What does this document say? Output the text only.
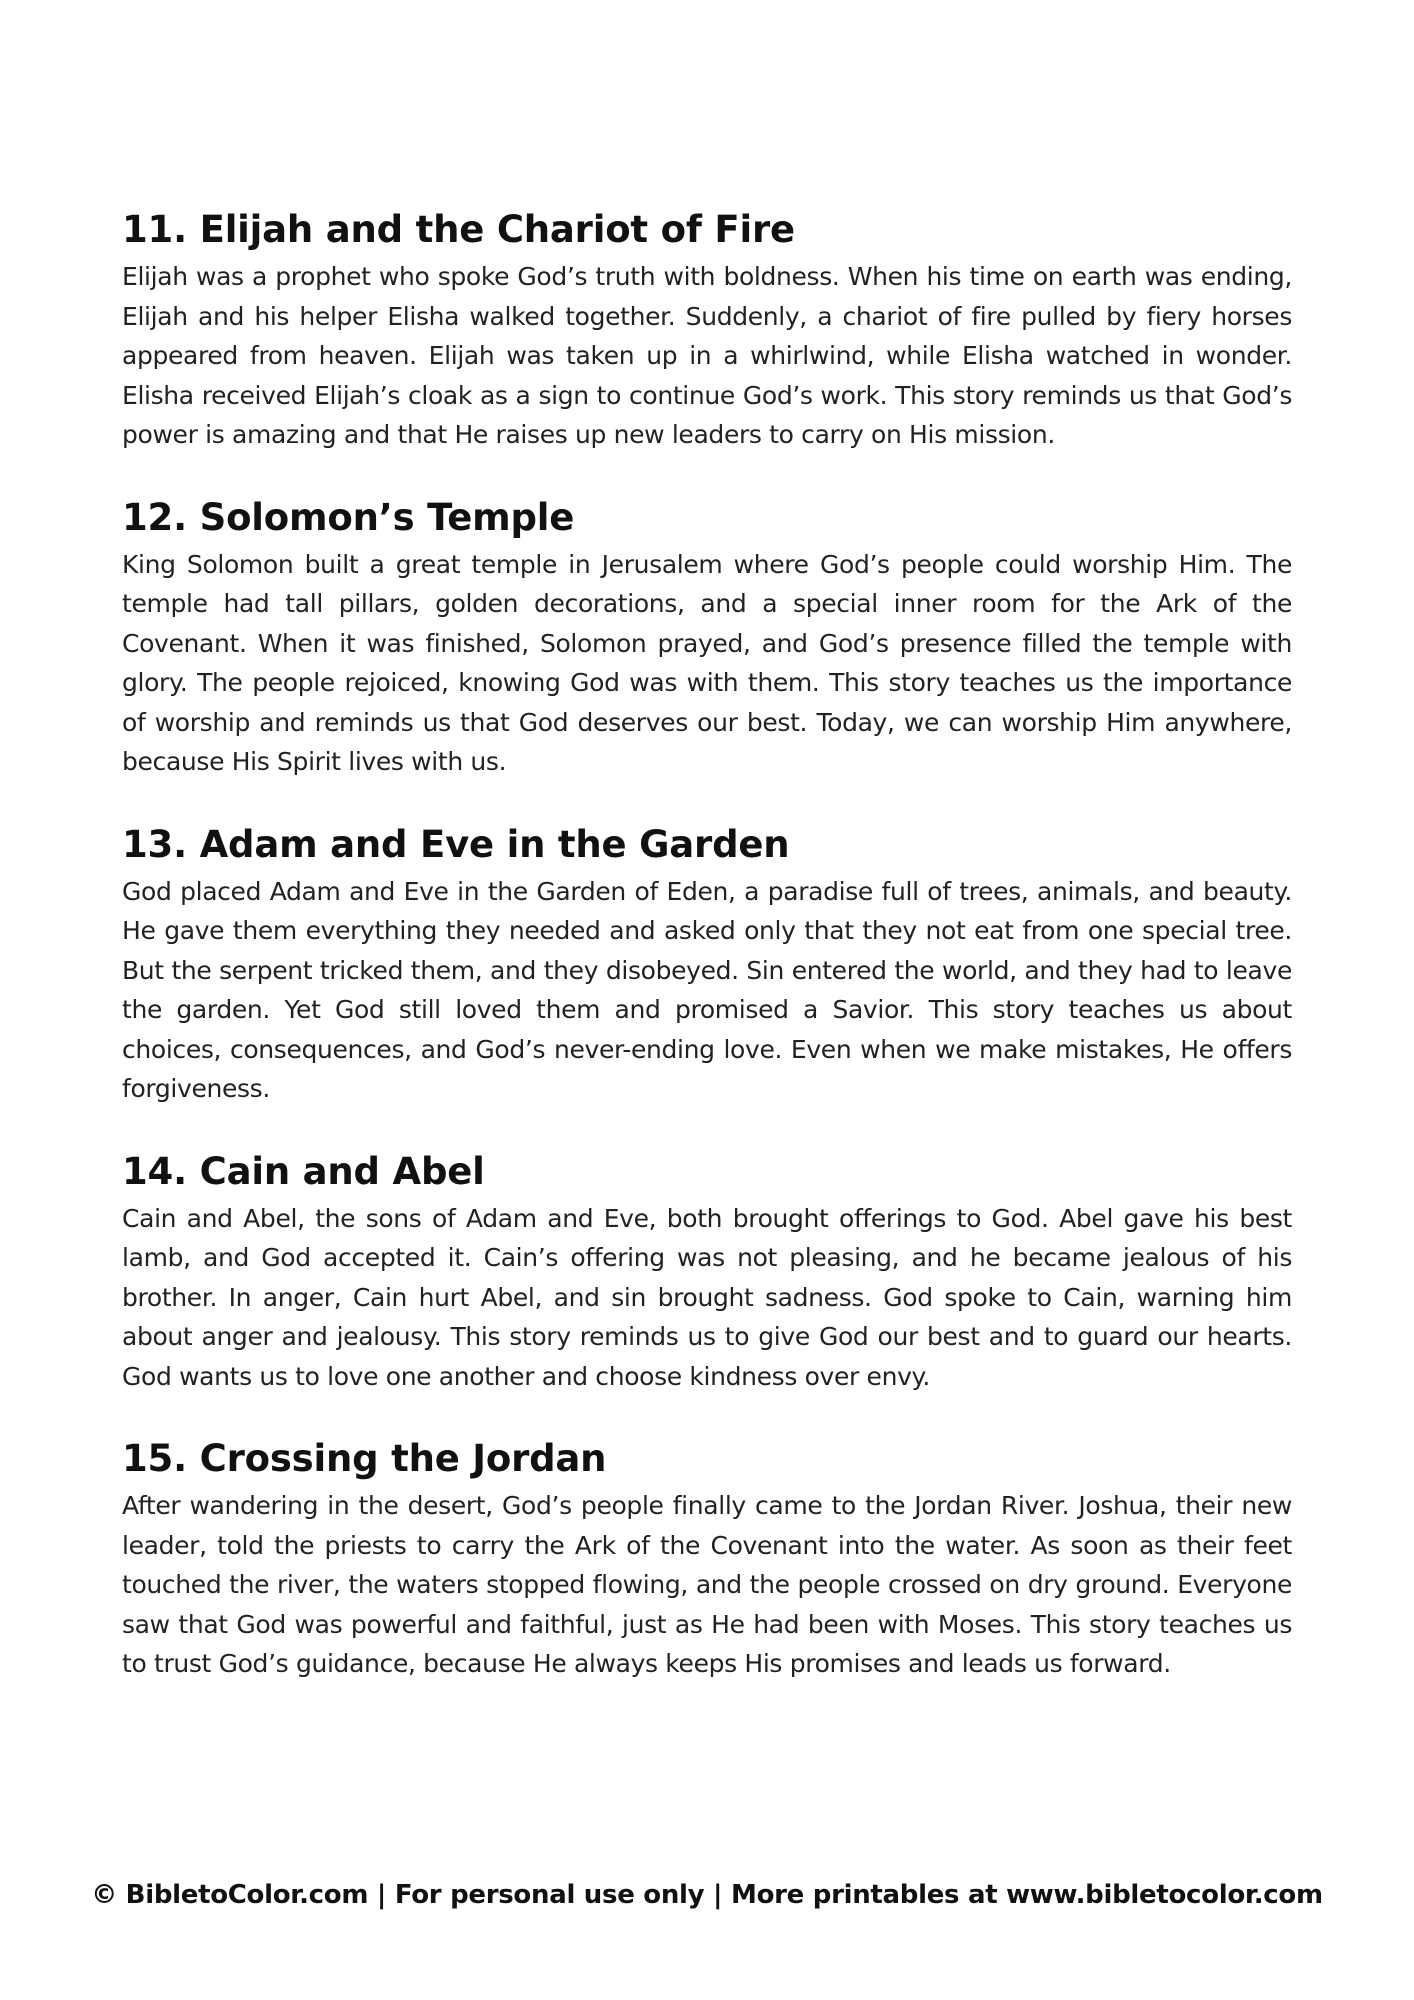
11. Elijah and the Chariot of Fire

Elijah was a prophet who spoke God’s truth with boldness. When his time on earth was ending, Elijah and his helper Elisha walked together. Suddenly, a chariot of fire pulled by fiery horses appeared from heaven. Elijah was taken up in a whirlwind, while Elisha watched in wonder. Elisha received Elijah’s cloak as a sign to continue God’s work. This story reminds us that God’s power is amazing and that He raises up new leaders to carry on His mission.

12. Solomon’s Temple

King Solomon built a great temple in Jerusalem where God’s people could worship Him. The temple had tall pillars, golden decorations, and a special inner room for the Ark of the Covenant. When it was finished, Solomon prayed, and God’s presence filled the temple with glory. The people rejoiced, knowing God was with them. This story teaches us the importance of worship and reminds us that God deserves our best. Today, we can worship Him anywhere, because His Spirit lives with us.

13. Adam and Eve in the Garden

God placed Adam and Eve in the Garden of Eden, a paradise full of trees, animals, and beauty. He gave them everything they needed and asked only that they not eat from one special tree. But the serpent tricked them, and they disobeyed. Sin entered the world, and they had to leave the garden. Yet God still loved them and promised a Savior. This story teaches us about choices, consequences, and God’s never-ending love. Even when we make mistakes, He offers forgiveness.

14. Cain and Abel

Cain and Abel, the sons of Adam and Eve, both brought offerings to God. Abel gave his best lamb, and God accepted it. Cain’s offering was not pleasing, and he became jealous of his brother. In anger, Cain hurt Abel, and sin brought sadness. God spoke to Cain, warning him about anger and jealousy. This story reminds us to give God our best and to guard our hearts. God wants us to love one another and choose kindness over envy.

15. Crossing the Jordan

After wandering in the desert, God’s people finally came to the Jordan River. Joshua, their new leader, told the priests to carry the Ark of the Covenant into the water. As soon as their feet touched the river, the waters stopped flowing, and the people crossed on dry ground. Everyone saw that God was powerful and faithful, just as He had been with Moses. This story teaches us to trust God’s guidance, because He always keeps His promises and leads us forward.

© BibletoColor.com | For personal use only | More printables at www.bibletocolor.com
